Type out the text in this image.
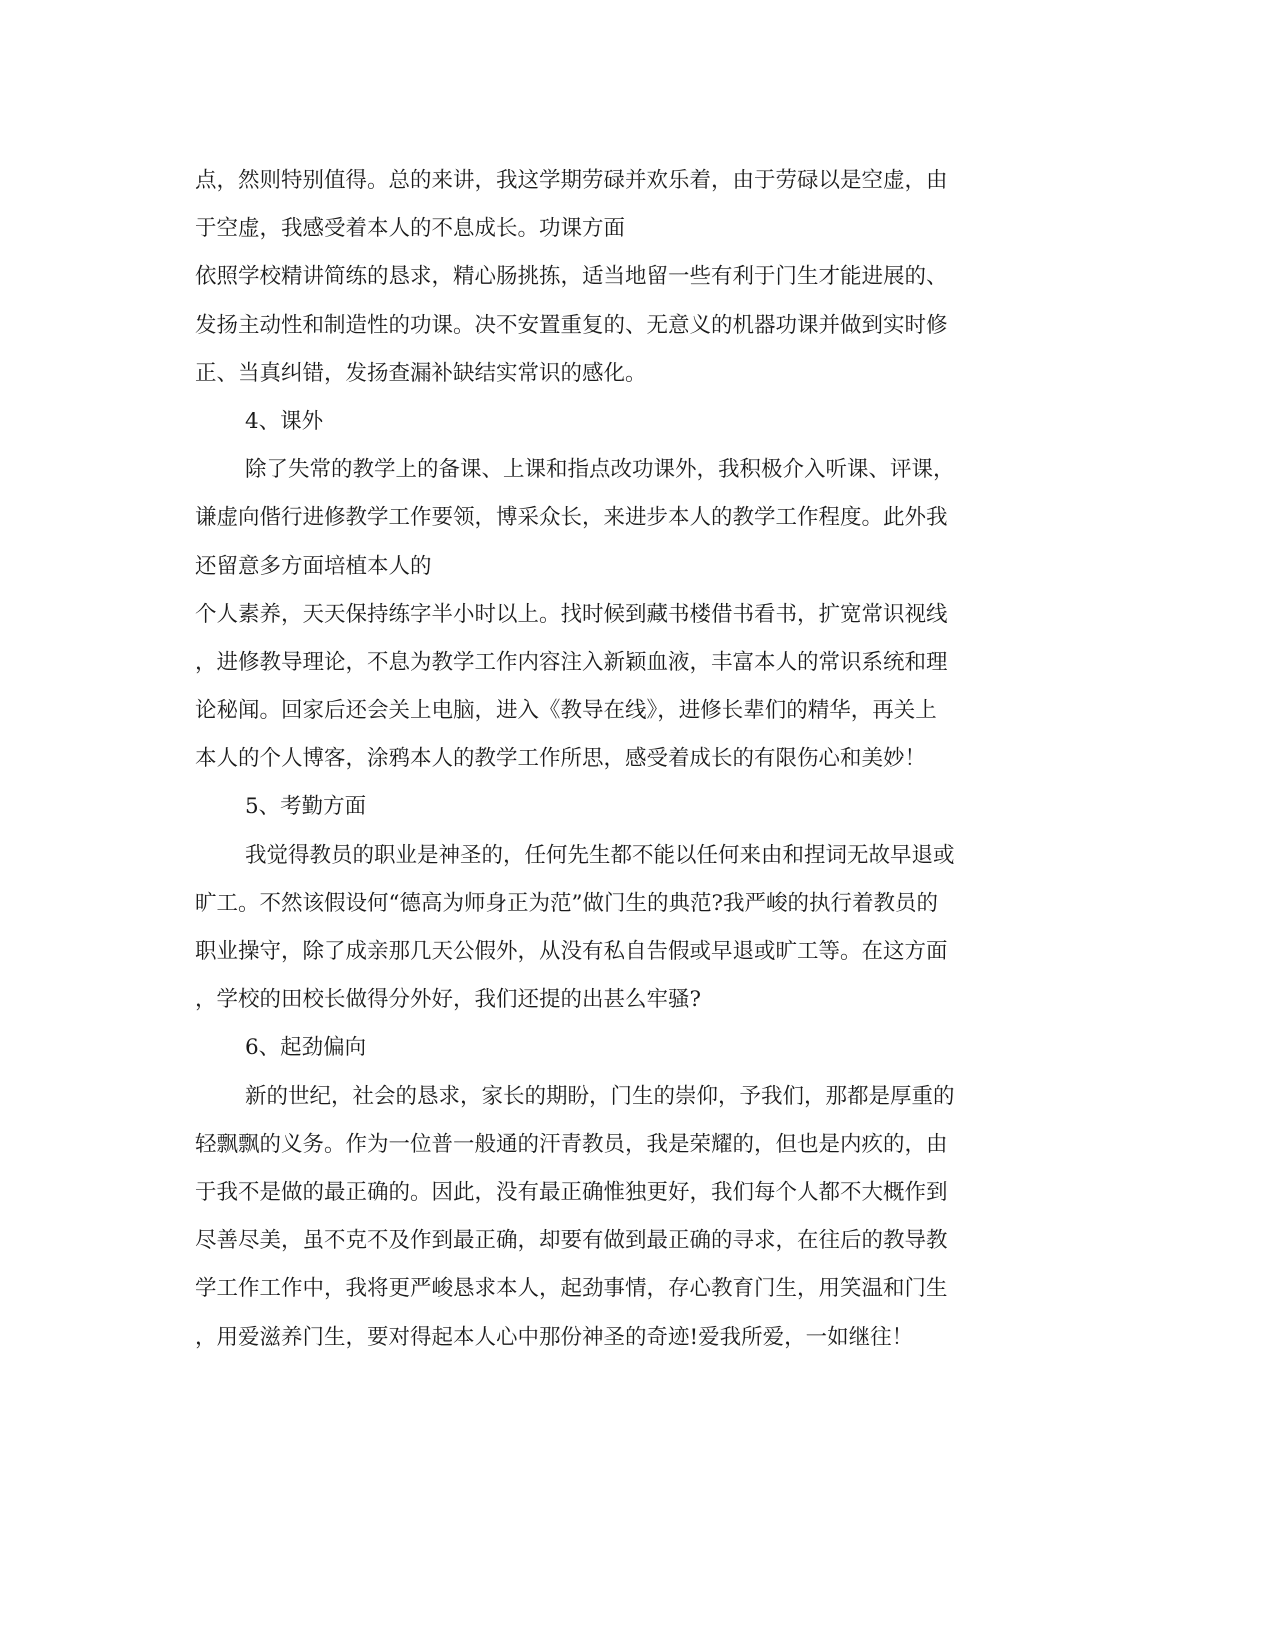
点，然则特别值得。总的来讲，我这学期劳碌并欢乐着，由于劳碌以是空虚，由
于空虚，我感受着本人的不息成长。功课方面
依照学校精讲简练的恳求，精心肠挑拣，适当地留一些有利于门生才能进展的、
发扬主动性和制造性的功课。决不安置重复的、无意义的机器功课并做到实时修
正、当真纠错，发扬查漏补缺结实常识的感化。
4、课外
除了失常的教学上的备课、上课和指点改功课外，我积极介入听课、评课，
谦虚向偕行进修教学工作要领，博采众长，来进步本人的教学工作程度。此外我
还留意多方面培植本人的
个人素养，天天保持练字半小时以上。找时候到藏书楼借书看书，扩宽常识视线
，进修教导理论，不息为教学工作内容注入新颖血液，丰富本人的常识系统和理
论秘闻。回家后还会关上电脑，进入《教导在线》，进修长辈们的精华，再关上
本人的个人博客，涂鸦本人的教学工作所思，感受着成长的有限伤心和美妙！
5、考勤方面
我觉得教员的职业是神圣的，任何先生都不能以任何来由和捏词无故早退或
旷工。不然该假设何“德高为师身正为范”做门生的典范?我严峻的执行着教员的
职业操守，除了成亲那几天公假外，从没有私自告假或早退或旷工等。在这方面
，学校的田校长做得分外好，我们还提的出甚么牢骚?
6、起劲偏向
新的世纪，社会的恳求，家长的期盼，门生的崇仰，予我们，那都是厚重的
轻飘飘的义务。作为一位普一般通的汗青教员，我是荣耀的，但也是内疚的，由
于我不是做的最正确的。因此，没有最正确惟独更好，我们每个人都不大概作到
尽善尽美，虽不克不及作到最正确，却要有做到最正确的寻求，在往后的教导教
学工作工作中，我将更严峻恳求本人，起劲事情，存心教育门生，用笑温和门生
，用爱滋养门生，要对得起本人心中那份神圣的奇迹!爱我所爱，一如继往！
